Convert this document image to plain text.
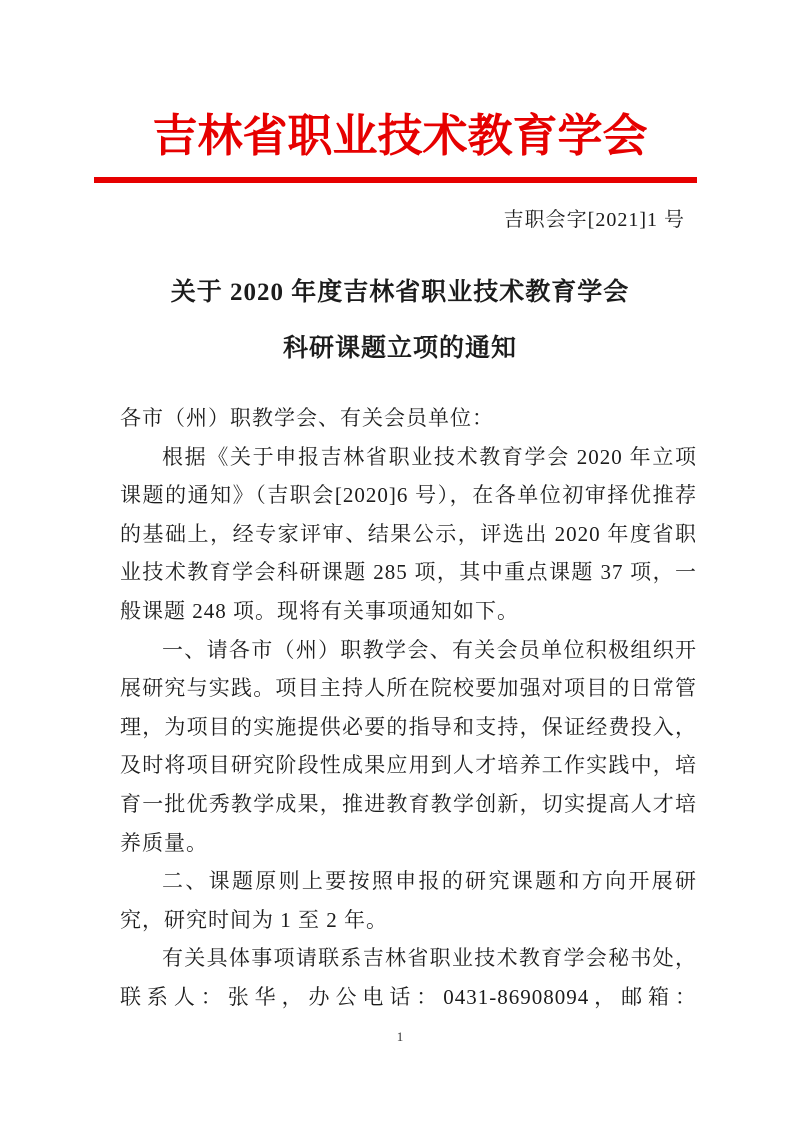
吉林省职业技术教育学会
吉职会字[2021]1 号
关于 2020 年度吉林省职业技术教育学会
科研课题立项的通知

各市（州）职教学会、有关会员单位：

根据《关于申报吉林省职业技术教育学会 2020 年立项课题的通知》（吉职会[2020]6 号），在各单位初审择优推荐的基础上，经专家评审、结果公示，评选出 2020 年度省职业技术教育学会科研课题 285 项，其中重点课题 37 项，一般课题 248 项。现将有关事项通知如下。

一、请各市（州）职教学会、有关会员单位积极组织开展研究与实践。项目主持人所在院校要加强对项目的日常管理，为项目的实施提供必要的指导和支持，保证经费投入，及时将项目研究阶段性成果应用到人才培养工作实践中，培育一批优秀教学成果，推进教育教学创新，切实提高人才培养质量。

二、课题原则上要按照申报的研究课题和方向开展研究，研究时间为 1 至 2 年。

有关具体事项请联系吉林省职业技术教育学会秘书处，联系人：张华，办公电话：0431-86908094，邮箱：

1
